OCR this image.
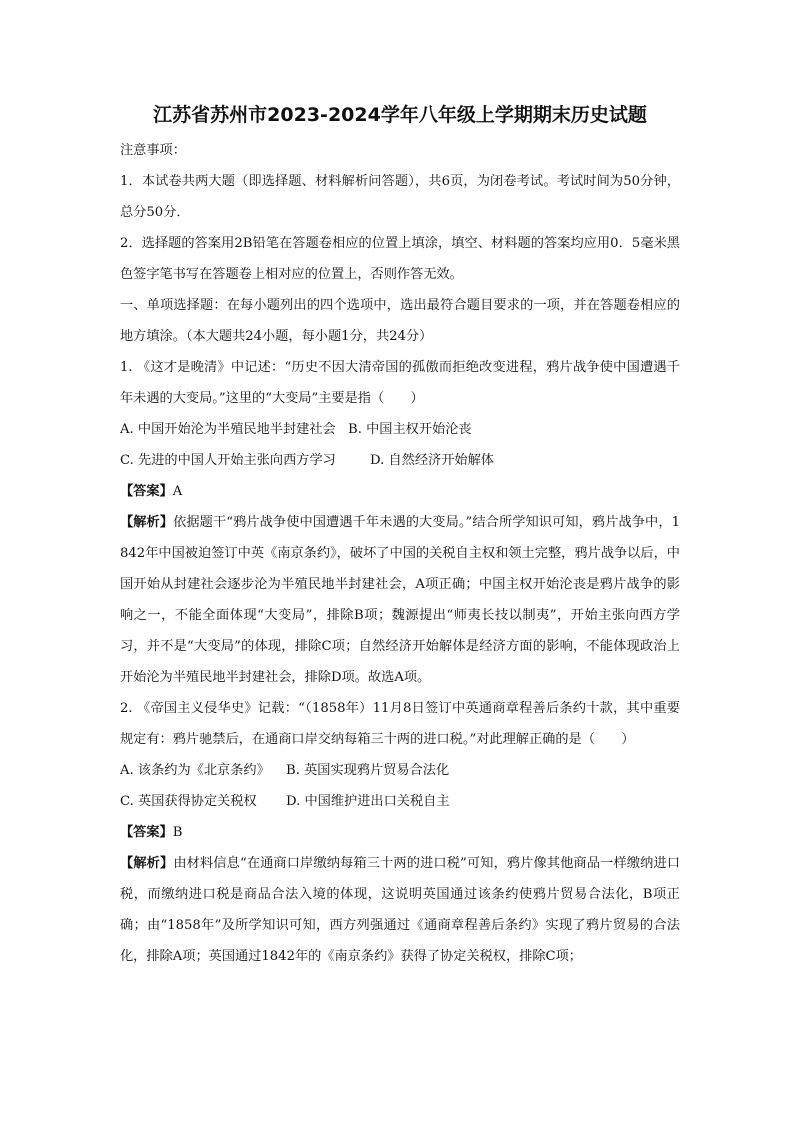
江苏省苏州市2023-2024学年八年级上学期期末历史试题

注意事项：

1．本试卷共两大题（即选择题、材料解析问答题），共6页，为闭卷考试。考试时间为50分钟，总分50分．

2．选择题的答案用2B铅笔在答题卷相应的位置上填涂，填空、材料题的答案均应用0．5毫米黑色签字笔书写在答题卷上相对应的位置上，否则作答无效。

一、单项选择题：在每小题列出的四个选项中，选出最符合题目要求的一项，并在答题卷相应的地方填涂。（本大题共24小题，每小题1分，共24分）

1. 《这才是晚清》中记述：“历史不因大清帝国的孤傲而拒绝改变进程，鸦片战争使中国遭遇千年未遇的大变局。”这里的“大变局”主要是指（　　）

A. 中国开始沦为半殖民地半封建社会 B. 中国主权开始沦丧
C. 先进的中国人开始主张向西方学习	D. 自然经济开始解体

【答案】A

【解析】依据题干“鸦片战争使中国遭遇千年未遇的大变局。”结合所学知识可知，鸦片战争中，1842年中国被迫签订中英《南京条约》，破坏了中国的关税自主权和领土完整，鸦片战争以后，中国开始从封建社会逐步沦为半殖民地半封建社会，A项正确；中国主权开始沦丧是鸦片战争的影响之一，不能全面体现“大变局”，排除B项；魏源提出“师夷长技以制夷”，开始主张向西方学习，并不是“大变局”的体现，排除C项；自然经济开始解体是经济方面的影响，不能体现政治上开始沦为半殖民地半封建社会，排除D项。故选A项。

2. 《帝国主义侵华史》记载：“（1858年）11月8日签订中英通商章程善后条约十款，其中重要规定有：鸦片驰禁后，在通商口岸交纳每箱三十两的进口税。”对此理解正确的是（　　）

A. 该条约为《北京条约》 B. 英国实现鸦片贸易合法化
C. 英国获得协定关税权 D. 中国维护进出口关税自主

【答案】B

【解析】由材料信息“在通商口岸缴纳每箱三十两的进口税”可知，鸦片像其他商品一样缴纳进口税，而缴纳进口税是商品合法入境的体现，这说明英国通过该条约使鸦片贸易合法化，B项正确；由“1858年”及所学知识可知，西方列强通过《通商章程善后条约》实现了鸦片贸易的合法化，排除A项；英国通过1842年的《南京条约》获得了协定关税权，排除C项；
